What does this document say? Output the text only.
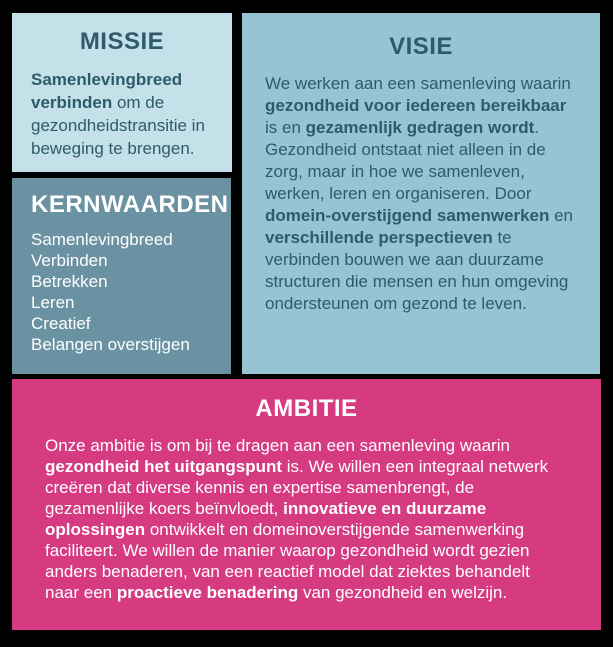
MISSIE

Samenlevingbreed verbinden om de gezondheidstransitie in beweging te brengen.

KERNWAARDEN
Samenlevingbreed
Verbinden
Betrekken
Leren
Creatief
Belangen overstijgen
VISIE

We werken aan een samenleving waarin gezondheid voor iedereen bereikbaar is en gezamenlijk gedragen wordt. Gezondheid ontstaat niet alleen in de zorg, maar in hoe we samenleven, werken, leren en organiseren. Door domein-overstijgend samenwerken en verschillende perspectieven te verbinden bouwen we aan duurzame structuren die mensen en hun omgeving ondersteunen om gezond te leven.

AMBITIE

Onze ambitie is om bij te dragen aan een samenleving waarin gezondheid het uitgangspunt is. We willen een integraal netwerk creëren dat diverse kennis en expertise samenbrengt, de gezamenlijke koers beïnvloedt, innovatieve en duurzame oplossingen ontwikkelt en domeinoverstijgende samenwerking faciliteert. We willen de manier waarop gezondheid wordt gezien anders benaderen, van een reactief model dat ziektes behandelt naar een proactieve benadering van gezondheid en welzijn.
